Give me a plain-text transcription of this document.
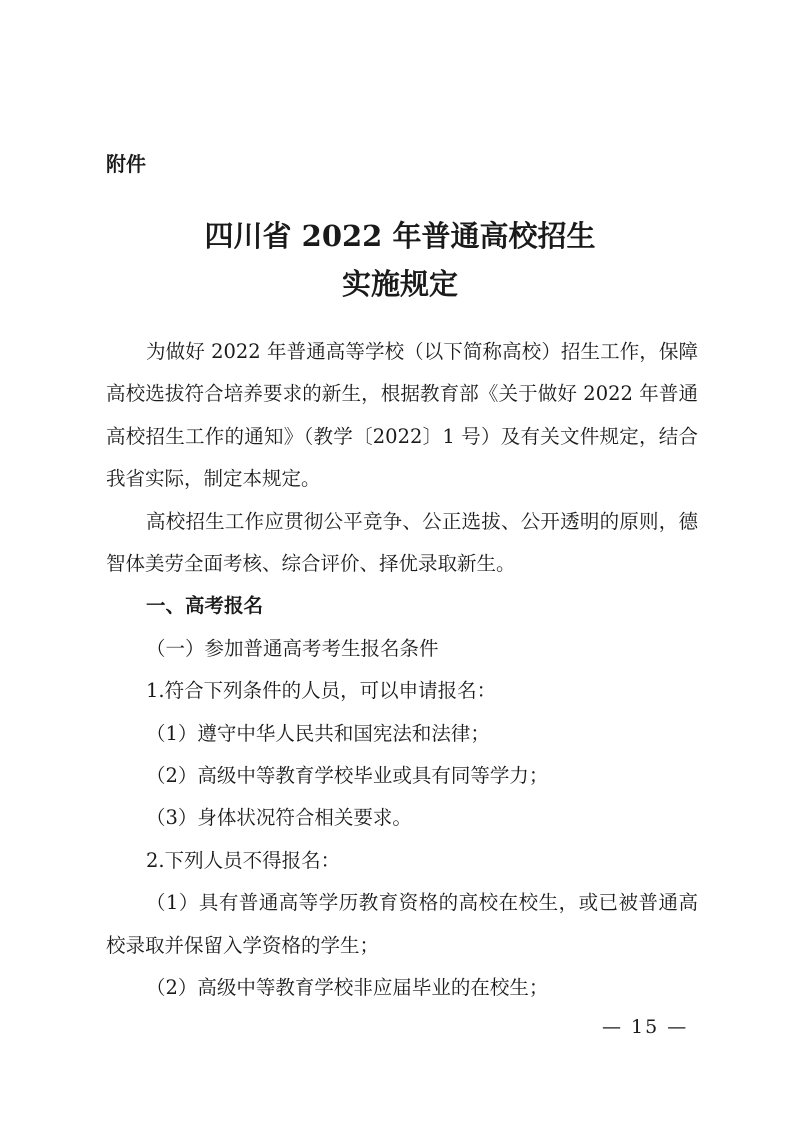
附件
四川省 2022 年普通高校招生
实施规定

为做好 2022 年普通高等学校（以下简称高校）招生工作，保障高校选拔符合培养要求的新生，根据教育部《关于做好 2022 年普通高校招生工作的通知》（教学〔2022〕1 号）及有关文件规定，结合我省实际，制定本规定。

高校招生工作应贯彻公平竞争、公正选拔、公开透明的原则，德智体美劳全面考核、综合评价、择优录取新生。

一、高考报名

（一）参加普通高考考生报名条件

1.符合下列条件的人员，可以申请报名：

（1）遵守中华人民共和国宪法和法律；

（2）高级中等教育学校毕业或具有同等学力；

（3）身体状况符合相关要求。

2.下列人员不得报名：

（1）具有普通高等学历教育资格的高校在校生，或已被普通高校录取并保留入学资格的学生；

（2）高级中等教育学校非应届毕业的在校生；

— 15 —
